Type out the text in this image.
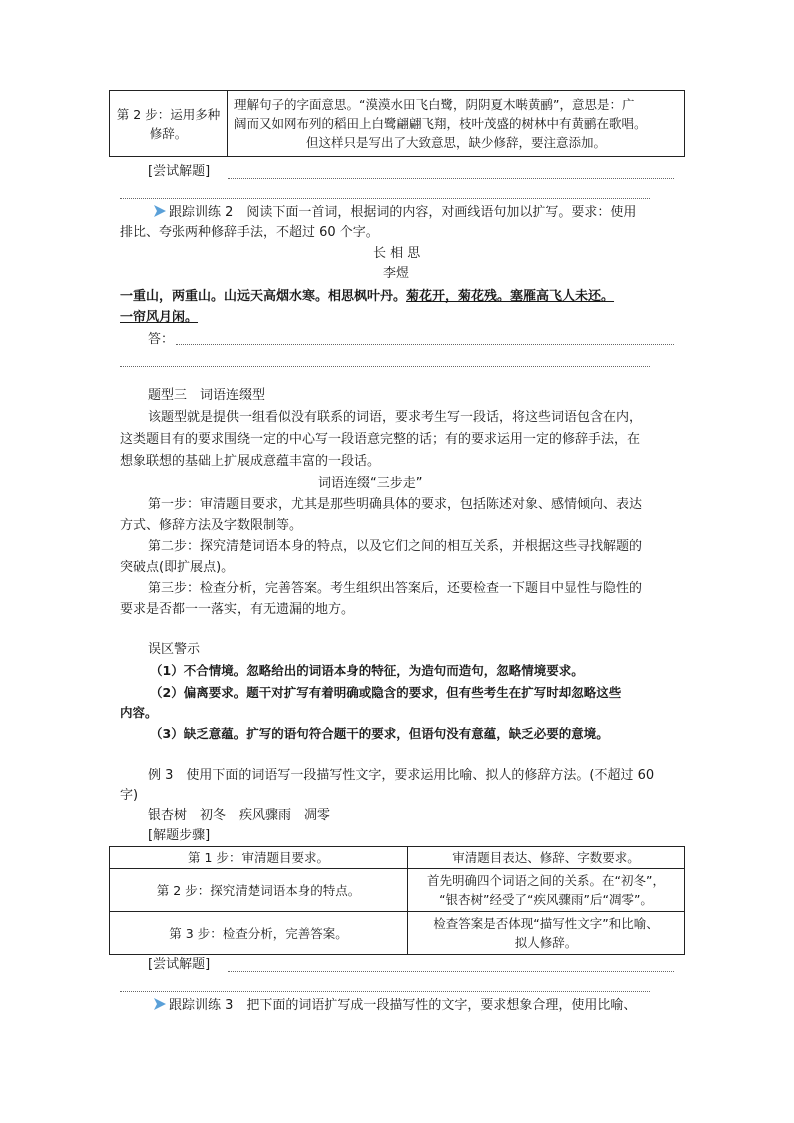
第 2 步：运用多种修辞。	
理解句子的字面意思。“漠漠水田飞白鹭，阴阴夏木啭黄鹂”，意思是：广
阔而又如网布列的稻田上白鹭翩翩飞翔，枝叶茂盛的树林中有黄鹂在歌唱。
但这样只是写出了大致意思，缺少修辞，要注意添加。
[尝试解题]
跟踪训练 2　 阅读下面一首词，根据词的内容，对画线语句加以扩写。要求：使用
排比、夸张两种修辞手法，不超过 60 个字。
长 相 思
李煜
一重山，两重山。山远天高烟水寒。相思枫叶丹。菊花开，菊花残。塞雁高飞人未还。
一帘风月闲。
答：
题型三　词语连缀型
该题型就是提供一组看似没有联系的词语，要求考生写一段话，将这些词语包含在内，
这类题目有的要求围绕一定的中心写一段语意完整的话；有的要求运用一定的修辞手法，在
想象联想的基础上扩展成意蕴丰富的一段话。
词语连缀“三步走”
第一步：审清题目要求，尤其是那些明确具体的要求，包括陈述对象、感情倾向、表达
方式、修辞方法及字数限制等。
第二步：探究清楚词语本身的特点，以及它们之间的相互关系，并根据这些寻找解题的
突破点(即扩展点)。
第三步：检查分析，完善答案。考生组织出答案后，还要检查一下题目中显性与隐性的
要求是否都一一落实，有无遗漏的地方。
误区警示
（1）不合情境。忽略给出的词语本身的特征，为造句而造句，忽略情境要求。
（2）偏离要求。题干对扩写有着明确或隐含的要求，但有些考生在扩写时却忽略这些
内容。
（3）缺乏意蕴。扩写的语句符合题干的要求，但语句没有意蕴，缺乏必要的意境。
例 3　使用下面的词语写一段描写性文字，要求运用比喻、拟人的修辞方法。(不超过 60
字)
银杏树　初冬　疾风骤雨　凋零
[解题步骤]
第 1 步：审清题目要求。	审清题目表达、修辞、字数要求。
第 2 步：探究清楚词语本身的特点。	首先明确四个词语之间的关系。在“初冬”，
“银杏树”经受了“疾风骤雨”后“凋零”。

第 3 步：检查分析，完善答案。	检查答案是否体现“描写性文字”和比喻、
拟人修辞。
[尝试解题]
跟踪训练 3　 把下面的词语扩写成一段描写性的文字，要求想象合理，使用比喻、
